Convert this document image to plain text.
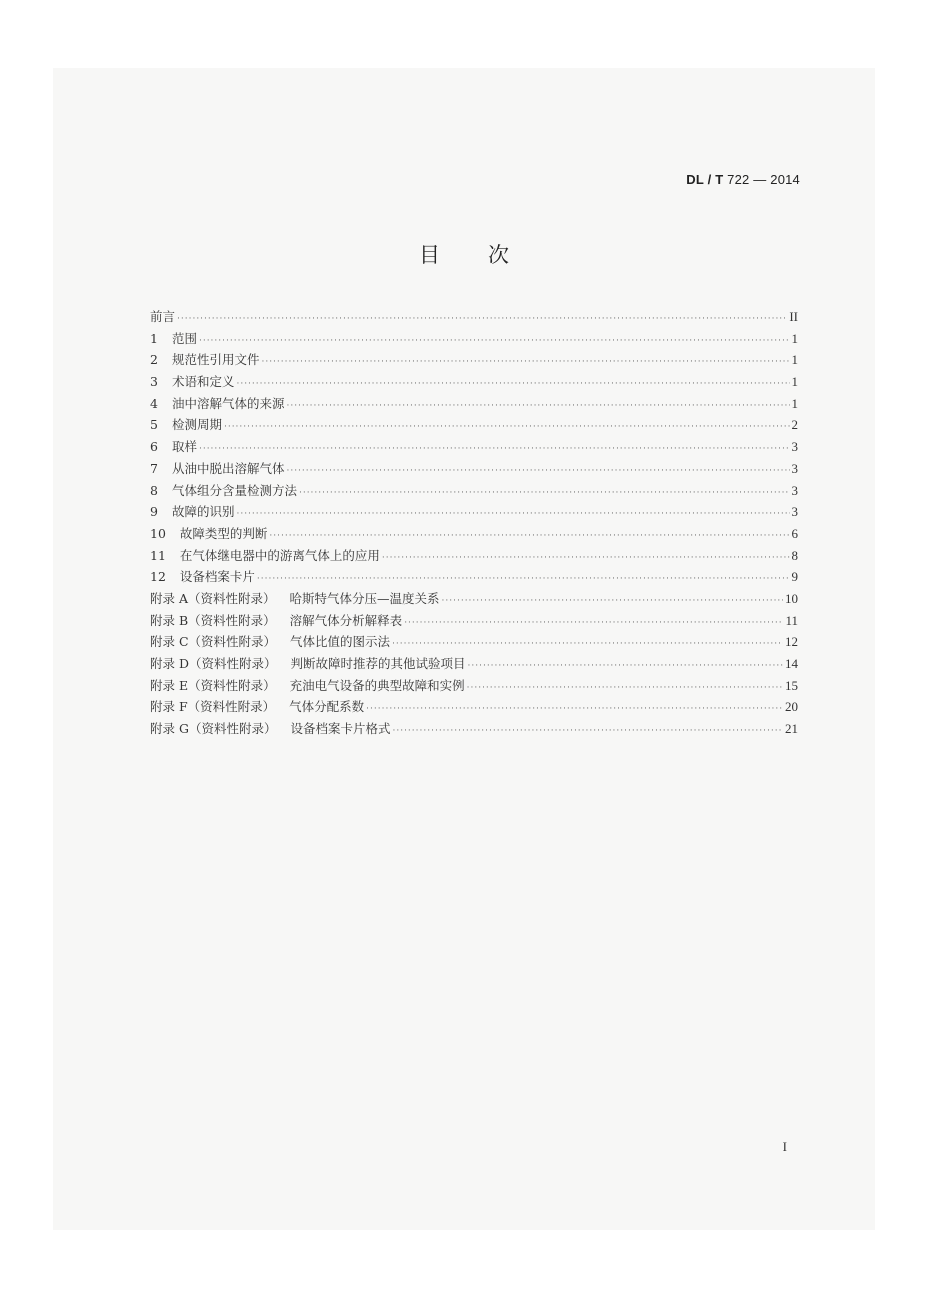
DL / T 722 — 2014
目次
前言 ·····	II
1 范围 ·····	1
2 规范性引用文件 ·····	1
3 术语和定义 ·····	1
4 油中溶解气体的来源 ·····	1
5 检测周期 ·····	2
6 取样 ·····	3
7 从油中脱出溶解气体 ·····	3
8 气体组分含量检测方法 ·····	3
9 故障的识别 ·····	3
10 故障类型的判断 ·····	6
11 在气体继电器中的游离气体上的应用 ·····	8
12 设备档案卡片 ·····	9
附录 A（资料性附录） 哈斯特气体分压—温度关系 ·····	10
附录 B（资料性附录） 溶解气体分析解释表 ·····	11
附录 C（资料性附录） 气体比值的图示法 ·····	12
附录 D（资料性附录） 判断故障时推荐的其他试验项目 ·····	14
附录 E（资料性附录） 充油电气设备的典型故障和实例 ·····	15
附录 F（资料性附录） 气体分配系数 ·····	20
附录 G（资料性附录） 设备档案卡片格式 ·····	21
I
